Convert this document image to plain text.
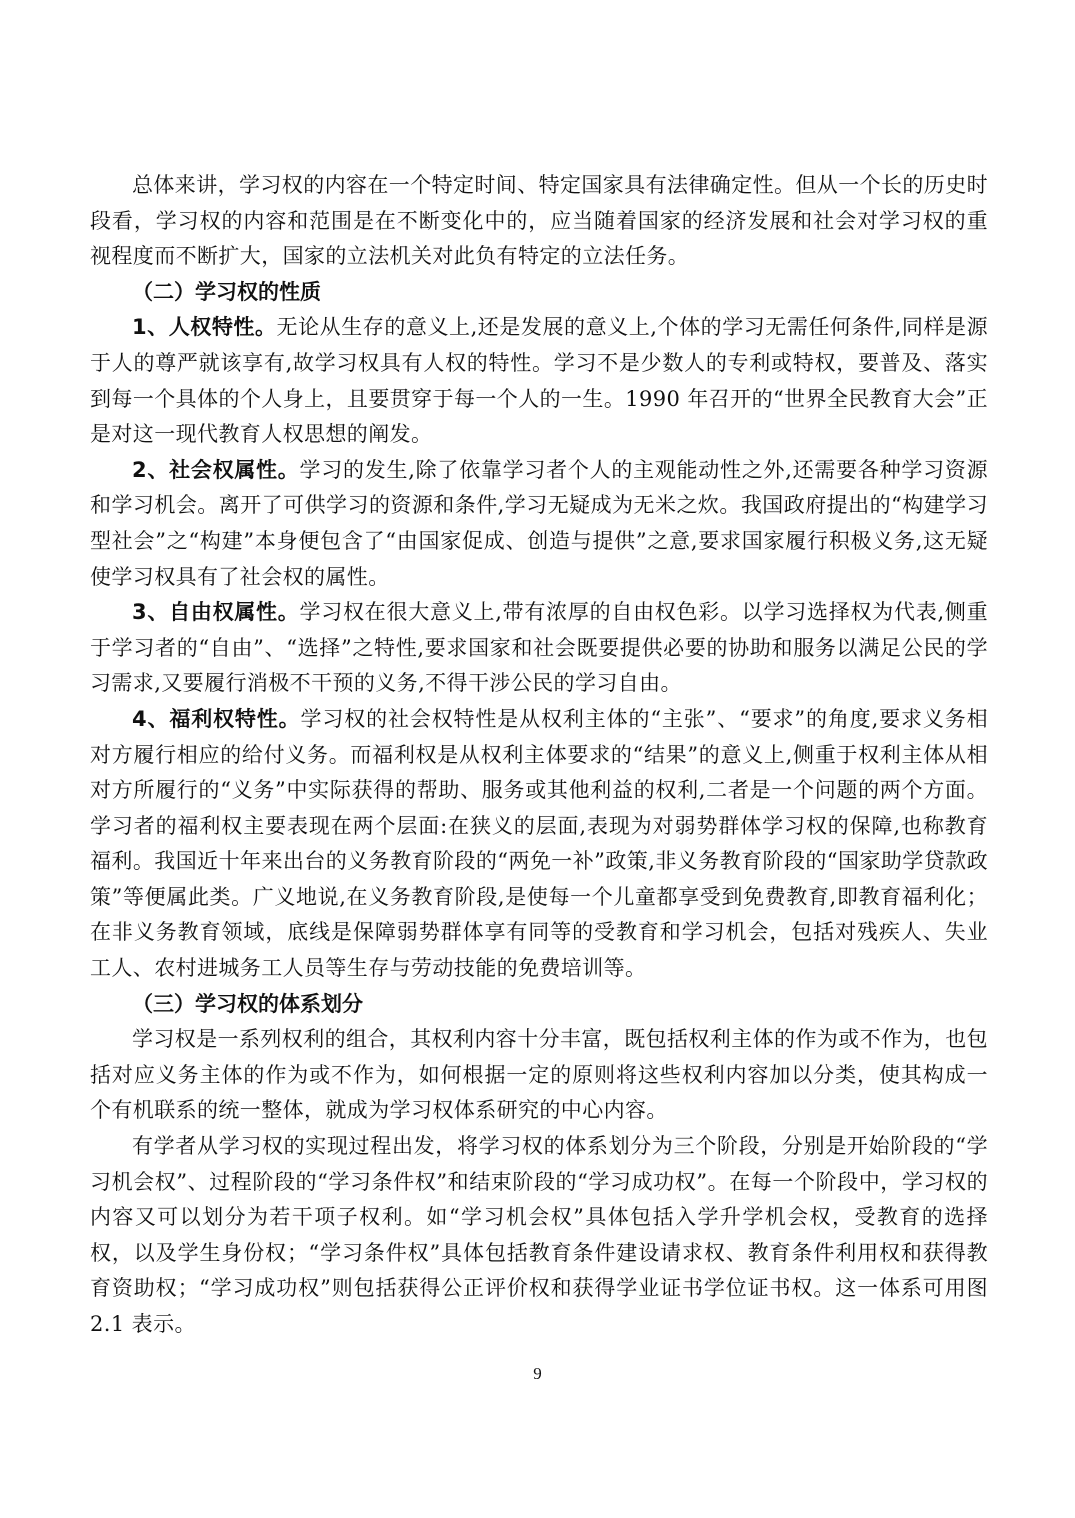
总体来讲，学习权的内容在一个特定时间、特定国家具有法律确定性。但从一个长的历史时段看，学习权的内容和范围是在不断变化中的，应当随着国家的经济发展和社会对学习权的重视程度而不断扩大，国家的立法机关对此负有特定的立法任务。

（二）学习权的性质

1、人权特性。无论从生存的意义上,还是发展的意义上,个体的学习无需任何条件,同样是源于人的尊严就该享有,故学习权具有人权的特性。学习不是少数人的专利或特权，要普及、落实到每一个具体的个人身上，且要贯穿于每一个人的一生。1990 年召开的“世界全民教育大会”正是对这一现代教育人权思想的阐发。

2、社会权属性。学习的发生,除了依靠学习者个人的主观能动性之外,还需要各种学习资源和学习机会。离开了可供学习的资源和条件,学习无疑成为无米之炊。我国政府提出的“构建学习型社会”之“构建”本身便包含了“由国家促成、创造与提供”之意,要求国家履行积极义务,这无疑使学习权具有了社会权的属性。

3、自由权属性。学习权在很大意义上,带有浓厚的自由权色彩。以学习选择权为代表,侧重于学习者的“自由”、“选择”之特性,要求国家和社会既要提供必要的协助和服务以满足公民的学习需求,又要履行消极不干预的义务,不得干涉公民的学习自由。

4、福利权特性。学习权的社会权特性是从权利主体的“主张”、“要求”的角度,要求义务相对方履行相应的给付义务。而福利权是从权利主体要求的“结果”的意义上,侧重于权利主体从相对方所履行的“义务”中实际获得的帮助、服务或其他利益的权利,二者是一个问题的两个方面。学习者的福利权主要表现在两个层面:在狭义的层面,表现为对弱势群体学习权的保障,也称教育福利。我国近十年来出台的义务教育阶段的“两免一补”政策,非义务教育阶段的“国家助学贷款政策”等便属此类。广义地说,在义务教育阶段,是使每一个儿童都享受到免费教育,即教育福利化；在非义务教育领域，底线是保障弱势群体享有同等的受教育和学习机会，包括对残疾人、失业工人、农村进城务工人员等生存与劳动技能的免费培训等。

（三）学习权的体系划分

学习权是一系列权利的组合，其权利内容十分丰富，既包括权利主体的作为或不作为，也包括对应义务主体的作为或不作为，如何根据一定的原则将这些权利内容加以分类，使其构成一个有机联系的统一整体，就成为学习权体系研究的中心内容。

有学者从学习权的实现过程出发，将学习权的体系划分为三个阶段，分别是开始阶段的“学习机会权”、过程阶段的“学习条件权”和结束阶段的“学习成功权”。在每一个阶段中，学习权的内容又可以划分为若干项子权利。如“学习机会权”具体包括入学升学机会权，受教育的选择权，以及学生身份权；“学习条件权”具体包括教育条件建设请求权、教育条件利用权和获得教育资助权；“学习成功权”则包括获得公正评价权和获得学业证书学位证书权。这一体系可用图 2.1 表示。

9
